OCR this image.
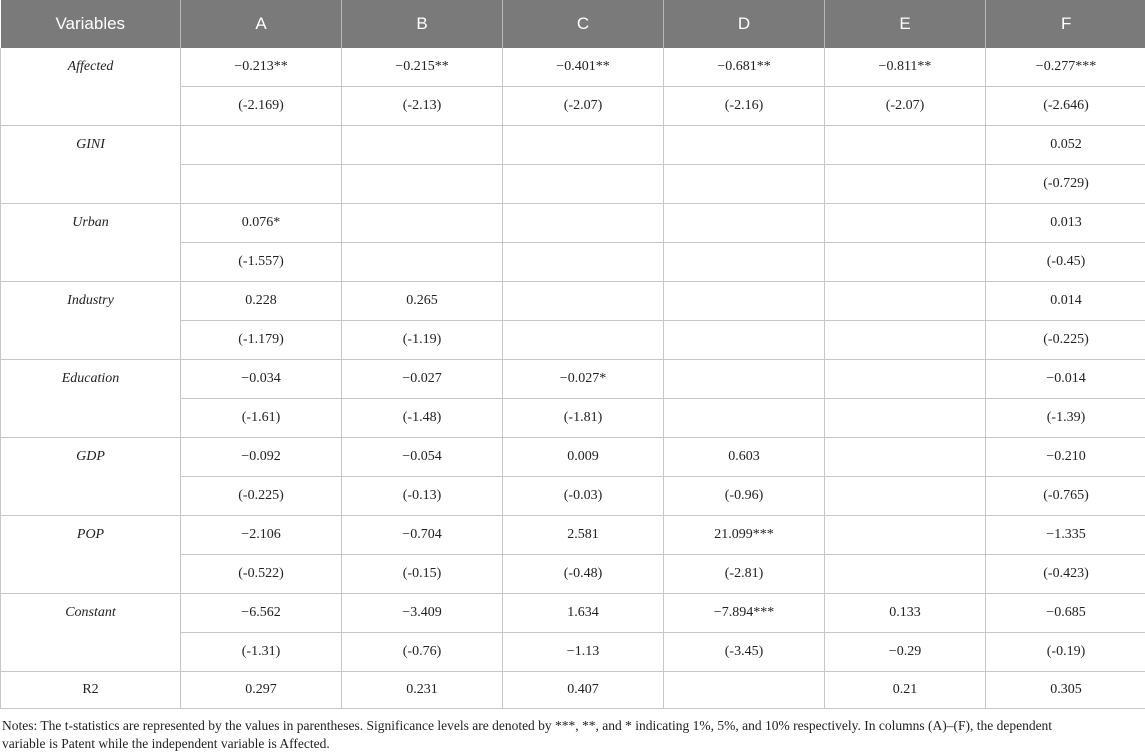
Variables	A	B	C	D	E	F
Affected	−0.213**	−0.215**	−0.401**	−0.681**	−0.811**	−0.277***
	(-2.169)	(-2.13)	(-2.07)	(-2.16)	(-2.07)	(-2.646)
GINI						0.052
						(-0.729)
Urban	0.076*					0.013
	(-1.557)					(-0.45)
Industry	0.228	0.265				0.014
	(-1.179)	(-1.19)				(-0.225)
Education	−0.034	−0.027	−0.027*			−0.014
	(-1.61)	(-1.48)	(-1.81)			(-1.39)
GDP	−0.092	−0.054	0.009	0.603		−0.210
	(-0.225)	(-0.13)	(-0.03)	(-0.96)		(-0.765)
POP	−2.106	−0.704	2.581	21.099***		−1.335
	(-0.522)	(-0.15)	(-0.48)	(-2.81)		(-0.423)
Constant	−6.562	−3.409	1.634	−7.894***	0.133	−0.685
	(-1.31)	(-0.76)	−1.13	(-3.45)	−0.29	(-0.19)
R2	0.297	0.231	0.407		0.21	0.305
Notes: The t-statistics are represented by the values in parentheses. Significance levels are denoted by ***, **, and * indicating 1%, 5%, and 10% respectively. In columns (A)–(F), the dependent
variable is Patent while the independent variable is Affected.
